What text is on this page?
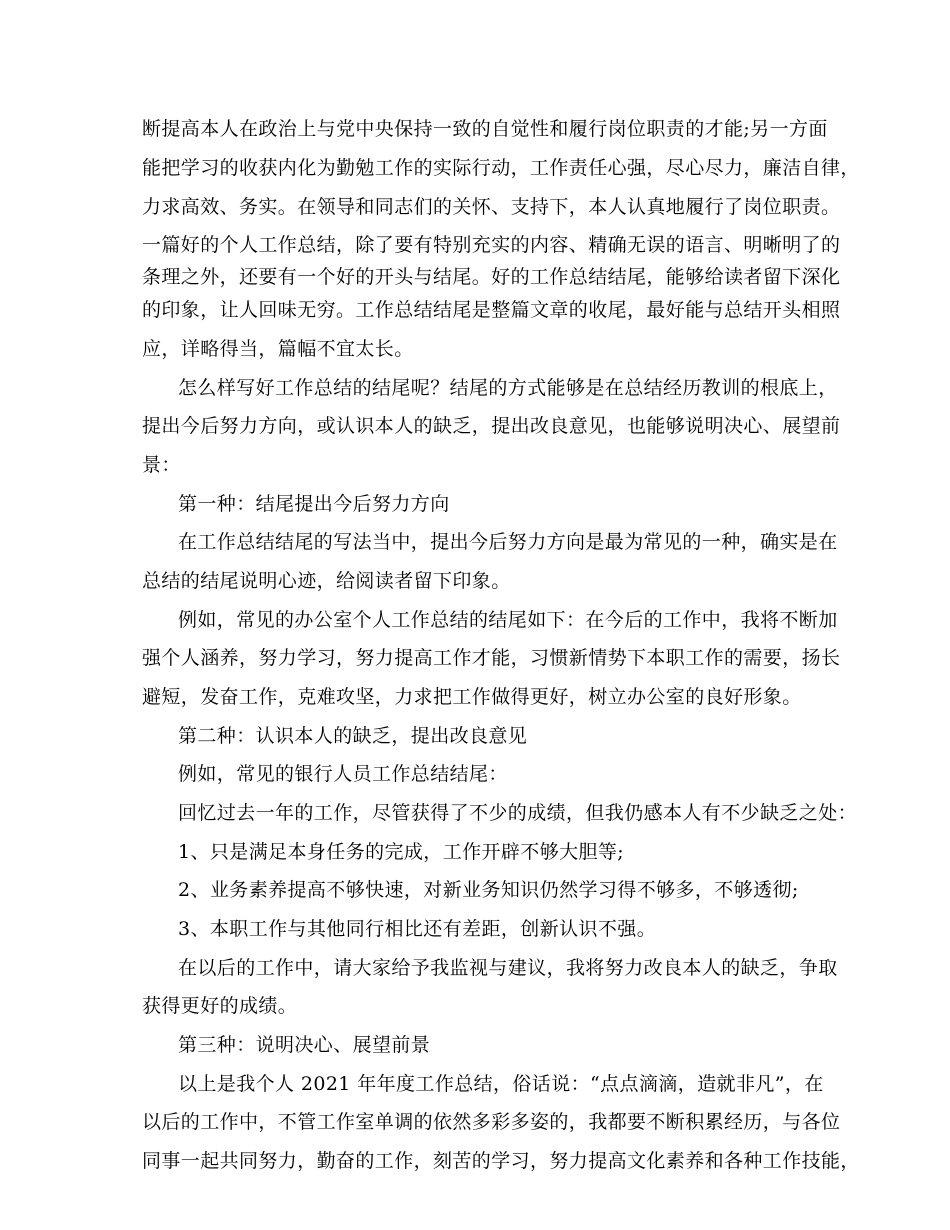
断提高本人在政治上与党中央保持一致的自觉性和履行岗位职责的才能;另一方面
能把学习的收获内化为勤勉工作的实际行动，工作责任心强，尽心尽力，廉洁自律，
力求高效、务实。在领导和同志们的关怀、支持下，本人认真地履行了岗位职责。
一篇好的个人工作总结，除了要有特别充实的内容、精确无误的语言、明晰明了的
条理之外，还要有一个好的开头与结尾。好的工作总结结尾，能够给读者留下深化
的印象，让人回味无穷。工作总结结尾是整篇文章的收尾，最好能与总结开头相照
应，详略得当，篇幅不宜太长。
怎么样写好工作总结的结尾呢？结尾的方式能够是在总结经历教训的根底上，
提出今后努力方向，或认识本人的缺乏，提出改良意见，也能够说明决心、展望前
景：
第一种：结尾提出今后努力方向
在工作总结结尾的写法当中，提出今后努力方向是最为常见的一种，确实是在
总结的结尾说明心迹，给阅读者留下印象。
例如，常见的办公室个人工作总结的结尾如下：在今后的工作中，我将不断加
强个人涵养，努力学习，努力提高工作才能，习惯新情势下本职工作的需要，扬长
避短，发奋工作，克难攻坚，力求把工作做得更好，树立办公室的良好形象。
第二种：认识本人的缺乏，提出改良意见
例如，常见的银行人员工作总结结尾：
回忆过去一年的工作，尽管获得了不少的成绩，但我仍感本人有不少缺乏之处：
1、只是满足本身任务的完成，工作开辟不够大胆等;
2、业务素养提高不够快速，对新业务知识仍然学习得不够多，不够透彻;
3、本职工作与其他同行相比还有差距，创新认识不强。
在以后的工作中，请大家给予我监视与建议，我将努力改良本人的缺乏，争取
获得更好的成绩。
第三种：说明决心、展望前景
以上是我个人 2021 年年度工作总结，俗话说：“点点滴滴，造就非凡”，在
以后的工作中，不管工作室单调的依然多彩多姿的，我都要不断积累经历，与各位
同事一起共同努力，勤奋的工作，刻苦的学习，努力提高文化素养和各种工作技能，
